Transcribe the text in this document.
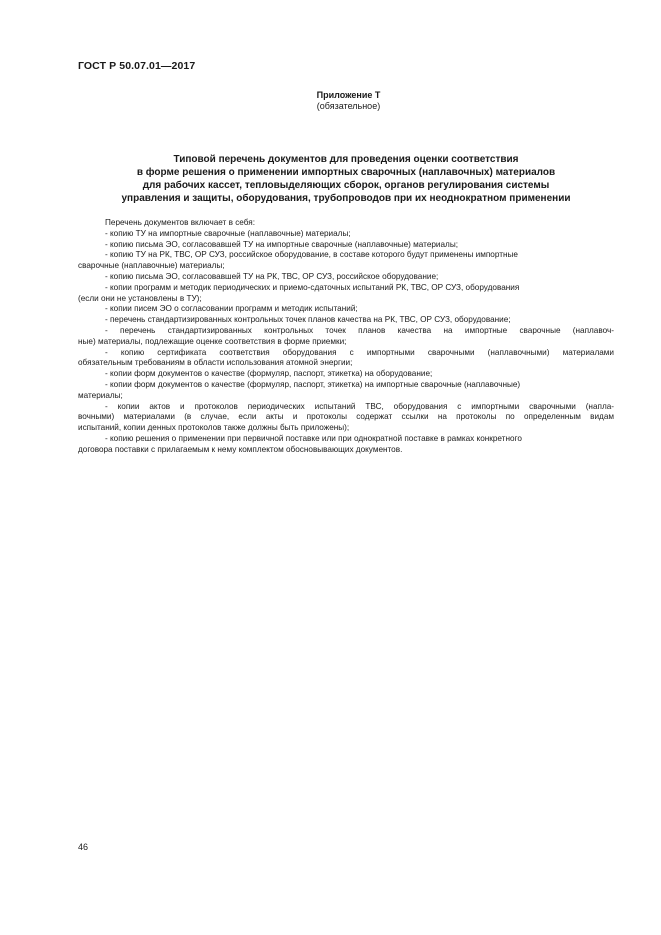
ГОСТ Р 50.07.01—2017
Приложение Т
(обязательное)
Типовой перечень документов для проведения оценки соответствия
в форме решения о применении импортных сварочных (наплавочных) материалов
для рабочих кассет, тепловыделяющих сборок, органов регулирования системы
управления и защиты, оборудования, трубопроводов при их неоднократном применении
Перечень документов включает в себя:
- копию ТУ на импортные сварочные (наплавочные) материалы;
- копию письма ЭО, согласовавшей ТУ на импортные сварочные (наплавочные) материалы;
- копию ТУ на РК, ТВС, ОР СУЗ, российское оборудование, в составе которого будут применены импортные
сварочные (наплавочные) материалы;
- копию письма ЭО, согласовавшей ТУ на РК, ТВС, ОР СУЗ, российское оборудование;
- копии программ и методик периодических и приемо-сдаточных испытаний РК, ТВС, ОР СУЗ, оборудования
(если они не установлены в ТУ);
- копии писем ЭО о согласовании программ и методик испытаний;
- перечень стандартизированных контрольных точек планов качества на РК, ТВС, ОР СУЗ, оборудование;
- перечень стандартизированных контрольных точек планов качества на импортные сварочные (наплавоч-
ные) материалы, подлежащие оценке соответствия в форме приемки;
- копию сертификата соответствия оборудования с импортными сварочными (наплавочными) материалами
обязательным требованиям в области использования атомной энергии;
- копии форм документов о качестве (формуляр, паспорт, этикетка) на оборудование;
- копии форм документов о качестве (формуляр, паспорт, этикетка) на импортные сварочные (наплавочные)
материалы;
- копии актов и протоколов периодических испытаний ТВС, оборудования с импортными сварочными (напла-
вочными) материалами (в случае, если акты и протоколы содержат ссылки на протоколы по определенным видам
испытаний, копии денных протоколов также должны быть приложены);
- копию решения о применении при первичной поставке или при однократной поставке в рамках конкретного
договора поставки с прилагаемым к нему комплектом обосновывающих документов.
46
